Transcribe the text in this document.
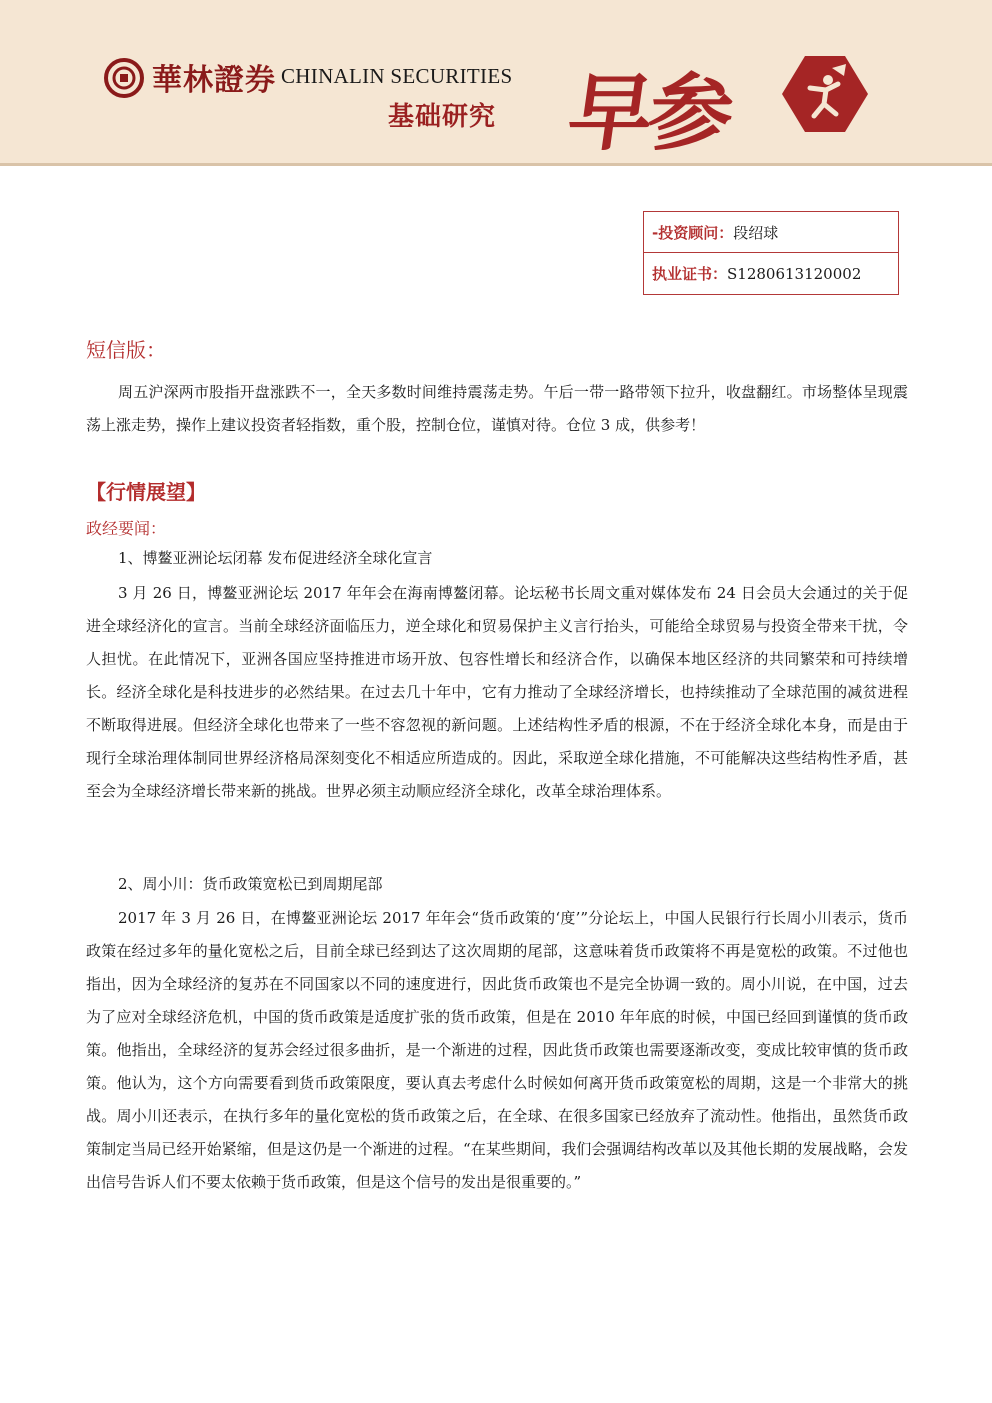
華林證券 CHINALIN SECURITIES
基础研究 早参
-投资顾问：段绍球
执业证书：S1280613120002
短信版：

周五沪深两市股指开盘涨跌不一，全天多数时间维持震荡走势。午后一带一路带领下拉升，收盘翻红。市场整体呈现震荡上涨走势，操作上建议投资者轻指数，重个股，控制仓位，谨慎对待。仓位 3 成，供参考！

【行情展望】
政经要闻：
1、博鳌亚洲论坛闭幕 发布促进经济全球化宣言

3 月 26 日，博鳌亚洲论坛 2017 年年会在海南博鳌闭幕。论坛秘书长周文重对媒体发布 24 日会员大会通过的关于促进全球经济化的宣言。当前全球经济面临压力，逆全球化和贸易保护主义言行抬头，可能给全球贸易与投资全带来干扰，令人担忧。在此情况下，亚洲各国应坚持推进市场开放、包容性增长和经济合作，以确保本地区经济的共同繁荣和可持续增长。经济全球化是科技进步的必然结果。在过去几十年中，它有力推动了全球经济增长，也持续推动了全球范围的减贫进程不断取得进展。但经济全球化也带来了一些不容忽视的新问题。上述结构性矛盾的根源，不在于经济全球化本身，而是由于现行全球治理体制同世界经济格局深刻变化不相适应所造成的。因此，采取逆全球化措施，不可能解决这些结构性矛盾，甚至会为全球经济增长带来新的挑战。世界必须主动顺应经济全球化，改革全球治理体系。

2、周小川：货币政策宽松已到周期尾部

2017 年 3 月 26 日，在博鳌亚洲论坛 2017 年年会“货币政策的‘度’”分论坛上，中国人民银行行长周小川表示，货币政策在经过多年的量化宽松之后，目前全球已经到达了这次周期的尾部，这意味着货币政策将不再是宽松的政策。不过他也指出，因为全球经济的复苏在不同国家以不同的速度进行，因此货币政策也不是完全协调一致的。周小川说，在中国，过去为了应对全球经济危机，中国的货币政策是适度扩张的货币政策，但是在 2010 年年底的时候，中国已经回到谨慎的货币政策。他指出，全球经济的复苏会经过很多曲折，是一个渐进的过程，因此货币政策也需要逐渐改变，变成比较审慎的货币政策。他认为，这个方向需要看到货币政策限度，要认真去考虑什么时候如何离开货币政策宽松的周期，这是一个非常大的挑战。周小川还表示，在执行多年的量化宽松的货币政策之后，在全球、在很多国家已经放弃了流动性。他指出，虽然货币政策制定当局已经开始紧缩，但是这仍是一个渐进的过程。“在某些期间，我们会强调结构改革以及其他长期的发展战略，会发出信号告诉人们不要太依赖于货币政策，但是这个信号的发出是很重要的。”
